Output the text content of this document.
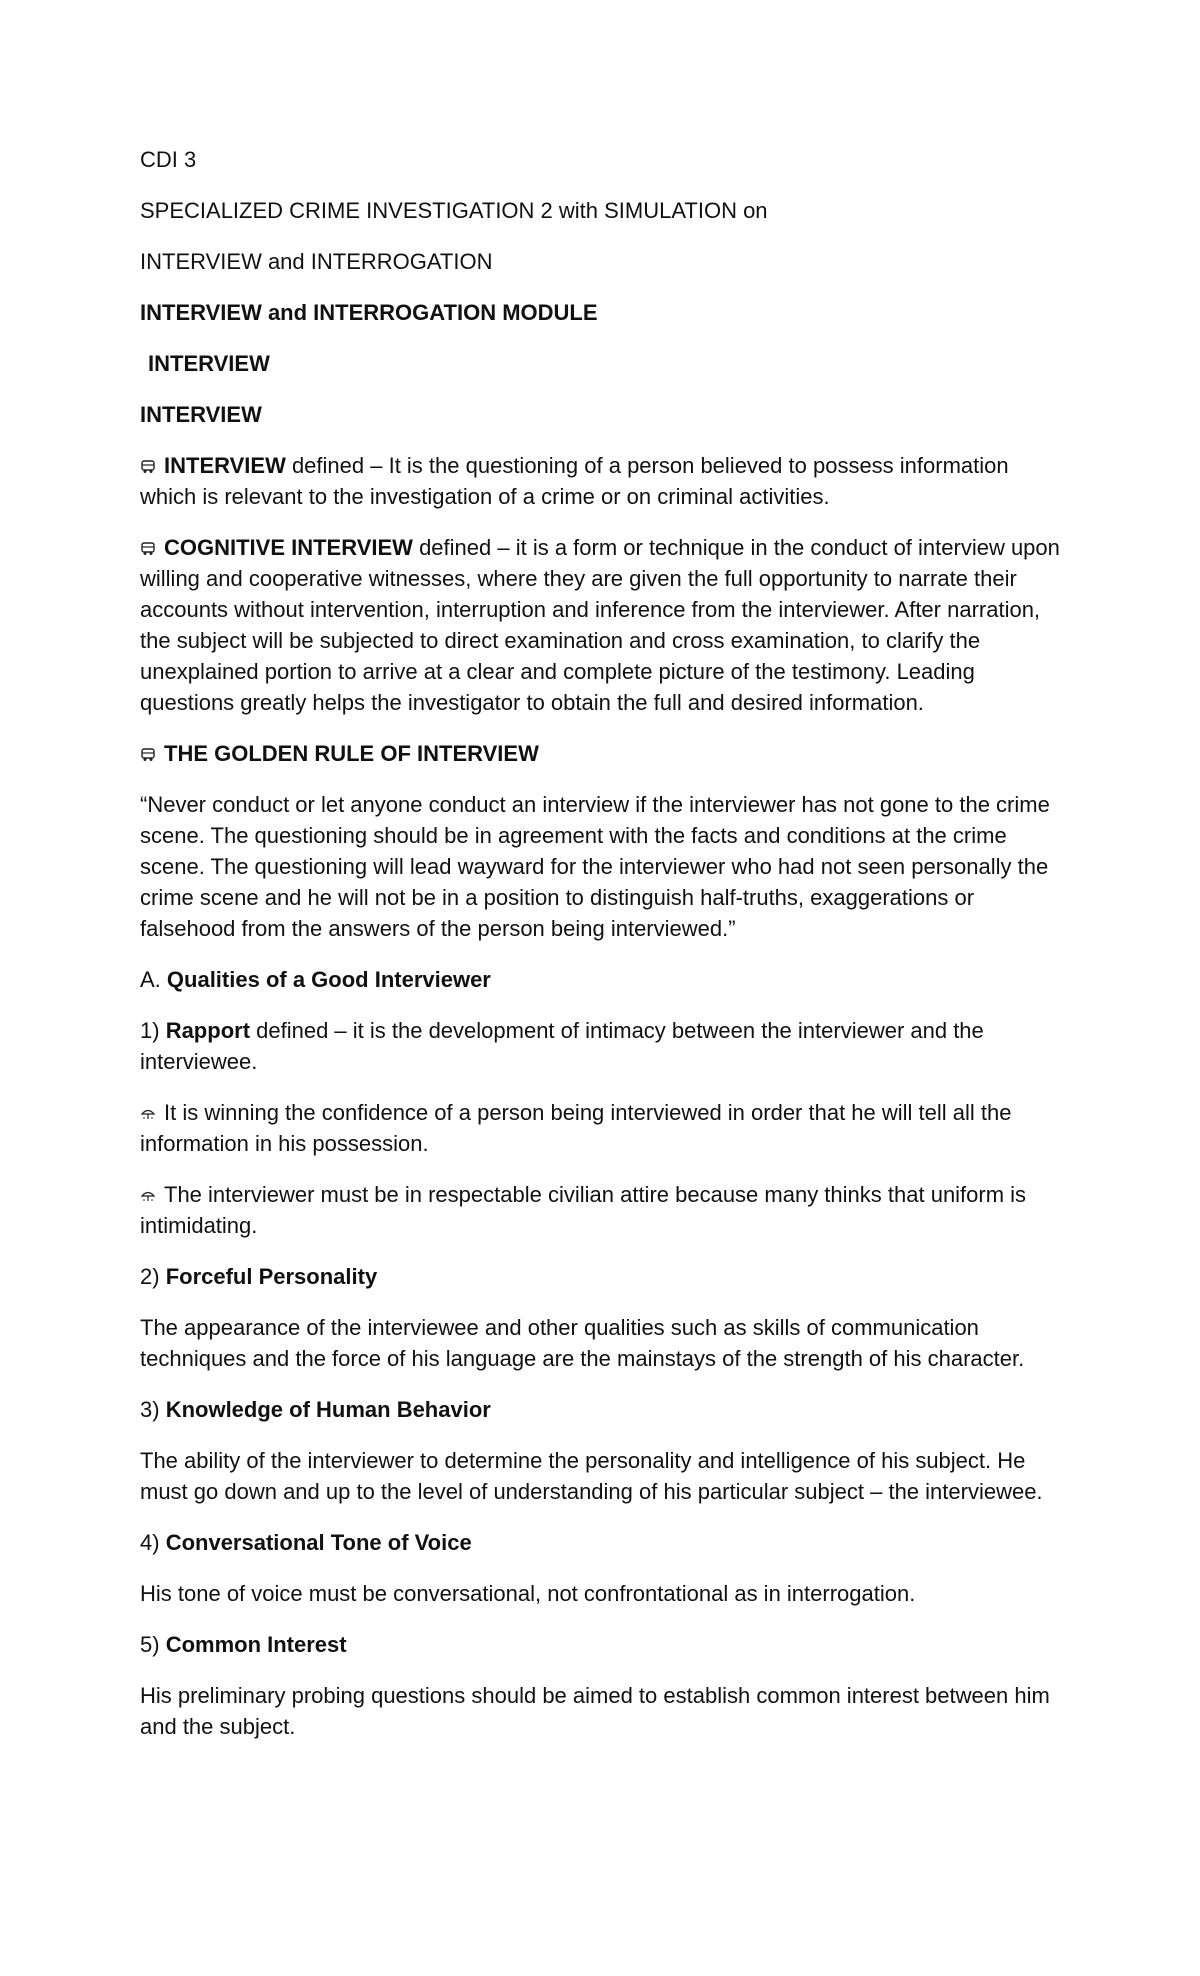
CDI 3

SPECIALIZED CRIME INVESTIGATION 2 with SIMULATION on

INTERVIEW and INTERROGATION

INTERVIEW and INTERROGATION MODULE

INTERVIEW

INTERVIEW

INTERVIEW defined – It is the questioning of a person believed to possess information which is relevant to the investigation of a crime or on criminal activities.

COGNITIVE INTERVIEW defined – it is a form or technique in the conduct of interview upon willing and cooperative witnesses, where they are given the full opportunity to narrate their accounts without intervention, interruption and inference from the interviewer. After narration, the subject will be subjected to direct examination and cross examination, to clarify the unexplained portion to arrive at a clear and complete picture of the testimony. Leading questions greatly helps the investigator to obtain the full and desired information.

THE GOLDEN RULE OF INTERVIEW

“Never conduct or let anyone conduct an interview if the interviewer has not gone to the crime scene. The questioning should be in agreement with the facts and conditions at the crime scene. The questioning will lead wayward for the interviewer who had not seen personally the crime scene and he will not be in a position to distinguish half-truths, exaggerations or falsehood from the answers of the person being interviewed.”

A. Qualities of a Good Interviewer

1) Rapport defined – it is the development of intimacy between the interviewer and the interviewee.

It is winning the confidence of a person being interviewed in order that he will tell all the information in his possession.

The interviewer must be in respectable civilian attire because many thinks that uniform is intimidating.

2) Forceful Personality

The appearance of the interviewee and other qualities such as skills of communication techniques and the force of his language are the mainstays of the strength of his character.

3) Knowledge of Human Behavior

The ability of the interviewer to determine the personality and intelligence of his subject. He must go down and up to the level of understanding of his particular subject – the interviewee.

4) Conversational Tone of Voice

His tone of voice must be conversational, not confrontational as in interrogation.

5) Common Interest

His preliminary probing questions should be aimed to establish common interest between him and the subject.
